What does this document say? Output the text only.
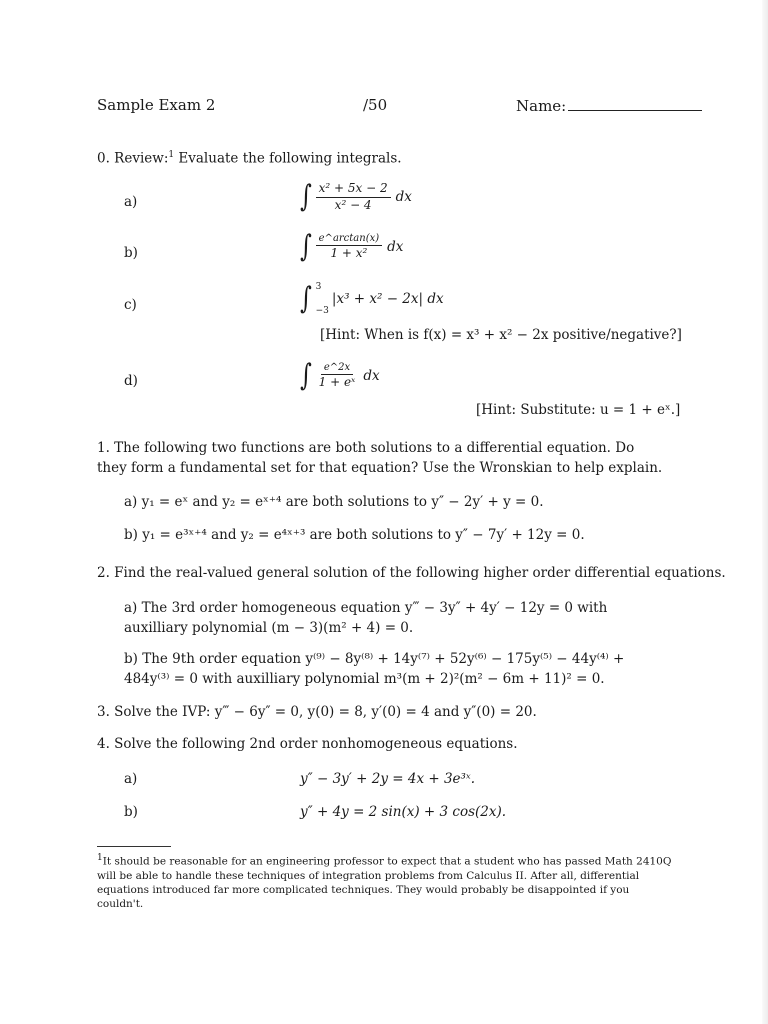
Sample Exam 2	/50	Name:
0. Review:$^1$ Evaluate the following integrals.
a)	∫ $\frac{\text{x² + 5x − 2}}{\text{x² − 4}}$ dx
b)	∫ $\frac{e\^{}\arctan(x)}{\text{1 + x²}}$ dx
c)	∫ 3
−3
|x³ + x² − 2x| dx
[Hint: When is f(x) = x³ + x² − 2x positive/negative?]
d)	∫ $\frac{e\^{}2x}{\text{1 + eˣ}}$ dx
[Hint: Substitute: u = 1 + eˣ.]
1. The following two functions are both solutions to a differential equation. Do they form a fundamental set for that equation? Use the Wronskian to help explain.
a) y₁ = eˣ and y₂ = eˣ⁺⁴ are both solutions to y″ − 2y′ + y = 0.
b) y₁ = e³ˣ⁺⁴ and y₂ = e⁴ˣ⁺³ are both solutions to y″ − 7y′ + 12y = 0.
2. Find the real-valued general solution of the following higher order differential equations.
a) The 3rd order homogeneous equation y‴ − 3y″ + 4y′ − 12y = 0 with auxilliary polynomial (m − 3)(m² + 4) = 0.
b) The 9th order equation y⁽⁹⁾ − 8y⁽⁸⁾ + 14y⁽⁷⁾ + 52y⁽⁶⁾ − 175y⁽⁵⁾ − 44y⁽⁴⁾ + 484y⁽³⁾ = 0 with auxilliary polynomial m³(m + 2)²(m² − 6m + 11)² = 0.
3. Solve the IVP: y‴ − 6y″ = 0, y(0) = 8, y′(0) = 4 and y″(0) = 20.
4. Solve the following 2nd order nonhomogeneous equations.
a)	y″ − 3y′ + 2y = 4x + 3e³ˣ.
b)	y″ + 4y = 2 sin(x) + 3 cos(2x).
$^1$It should be reasonable for an engineering professor to expect that a student who has passed Math 2410Q will be able to handle these techniques of integration problems from Calculus II. After all, differential equations introduced far more complicated techniques. They would probably be disappointed if you couldn't.
